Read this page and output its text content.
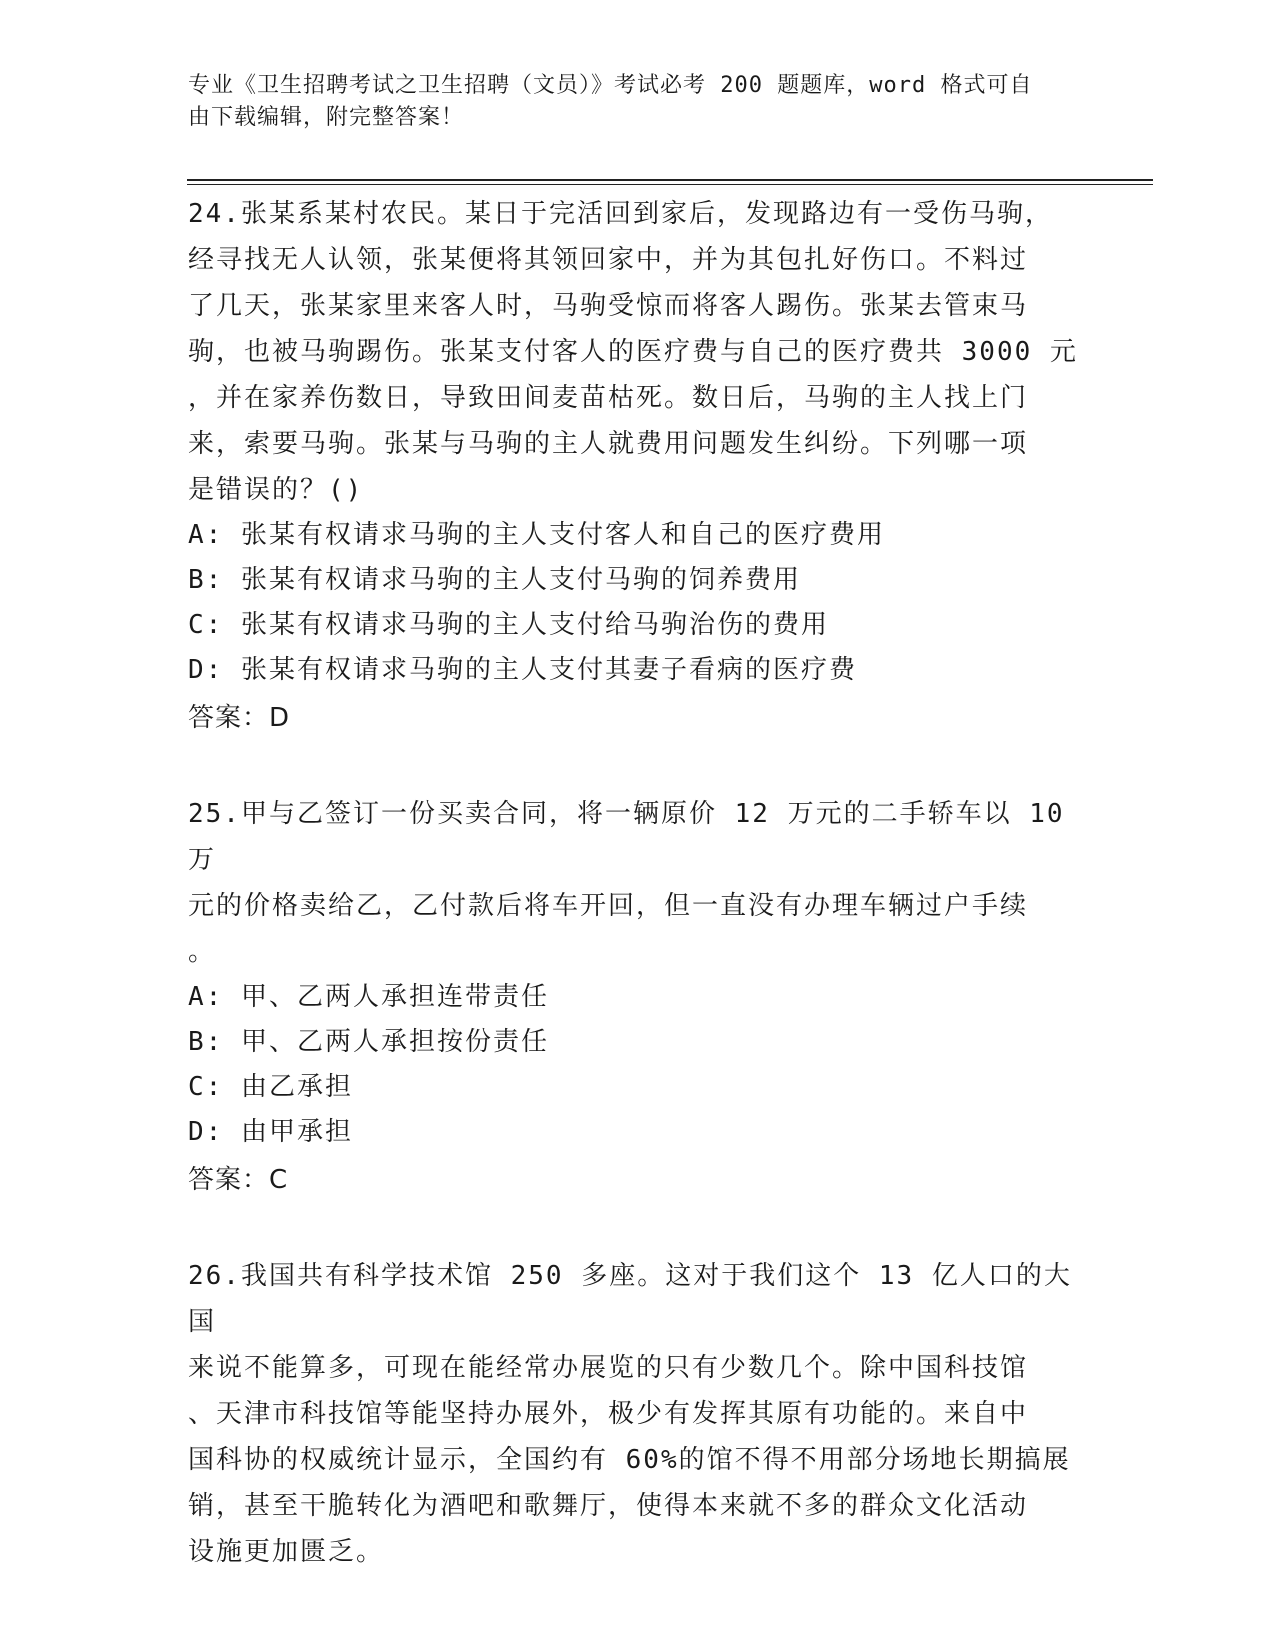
专业《卫生招聘考试之卫生招聘（文员）》考试必考 200 题题库，word 格式可自
由下载编辑，附完整答案！
24.张某系某村农民。某日于完活回到家后，发现路边有一受伤马驹，
经寻找无人认领，张某便将其领回家中，并为其包扎好伤口。不料过
了几天，张某家里来客人时，马驹受惊而将客人踢伤。张某去管束马
驹，也被马驹踢伤。张某支付客人的医疗费与自己的医疗费共 3000 元
，并在家养伤数日，导致田间麦苗枯死。数日后，马驹的主人找上门
来，索要马驹。张某与马驹的主人就费用问题发生纠纷。下列哪一项
是错误的？()
A: 张某有权请求马驹的主人支付客人和自己的医疗费用
B: 张某有权请求马驹的主人支付马驹的饲养费用
C: 张某有权请求马驹的主人支付给马驹治伤的费用
D: 张某有权请求马驹的主人支付其妻子看病的医疗费
答案：D
25.甲与乙签订一份买卖合同，将一辆原价 12 万元的二手轿车以 10 万
元的价格卖给乙，乙付款后将车开回，但一直没有办理车辆过户手续
。
A: 甲、乙两人承担连带责任
B: 甲、乙两人承担按份责任
C: 由乙承担
D: 由甲承担
答案：C
26.我国共有科学技术馆 250 多座。这对于我们这个 13 亿人口的大国
来说不能算多，可现在能经常办展览的只有少数几个。除中国科技馆
、天津市科技馆等能坚持办展外，极少有发挥其原有功能的。来自中
国科协的权威统计显示，全国约有 60%的馆不得不用部分场地长期搞展
销，甚至干脆转化为酒吧和歌舞厅，使得本来就不多的群众文化活动
设施更加匮乏。
